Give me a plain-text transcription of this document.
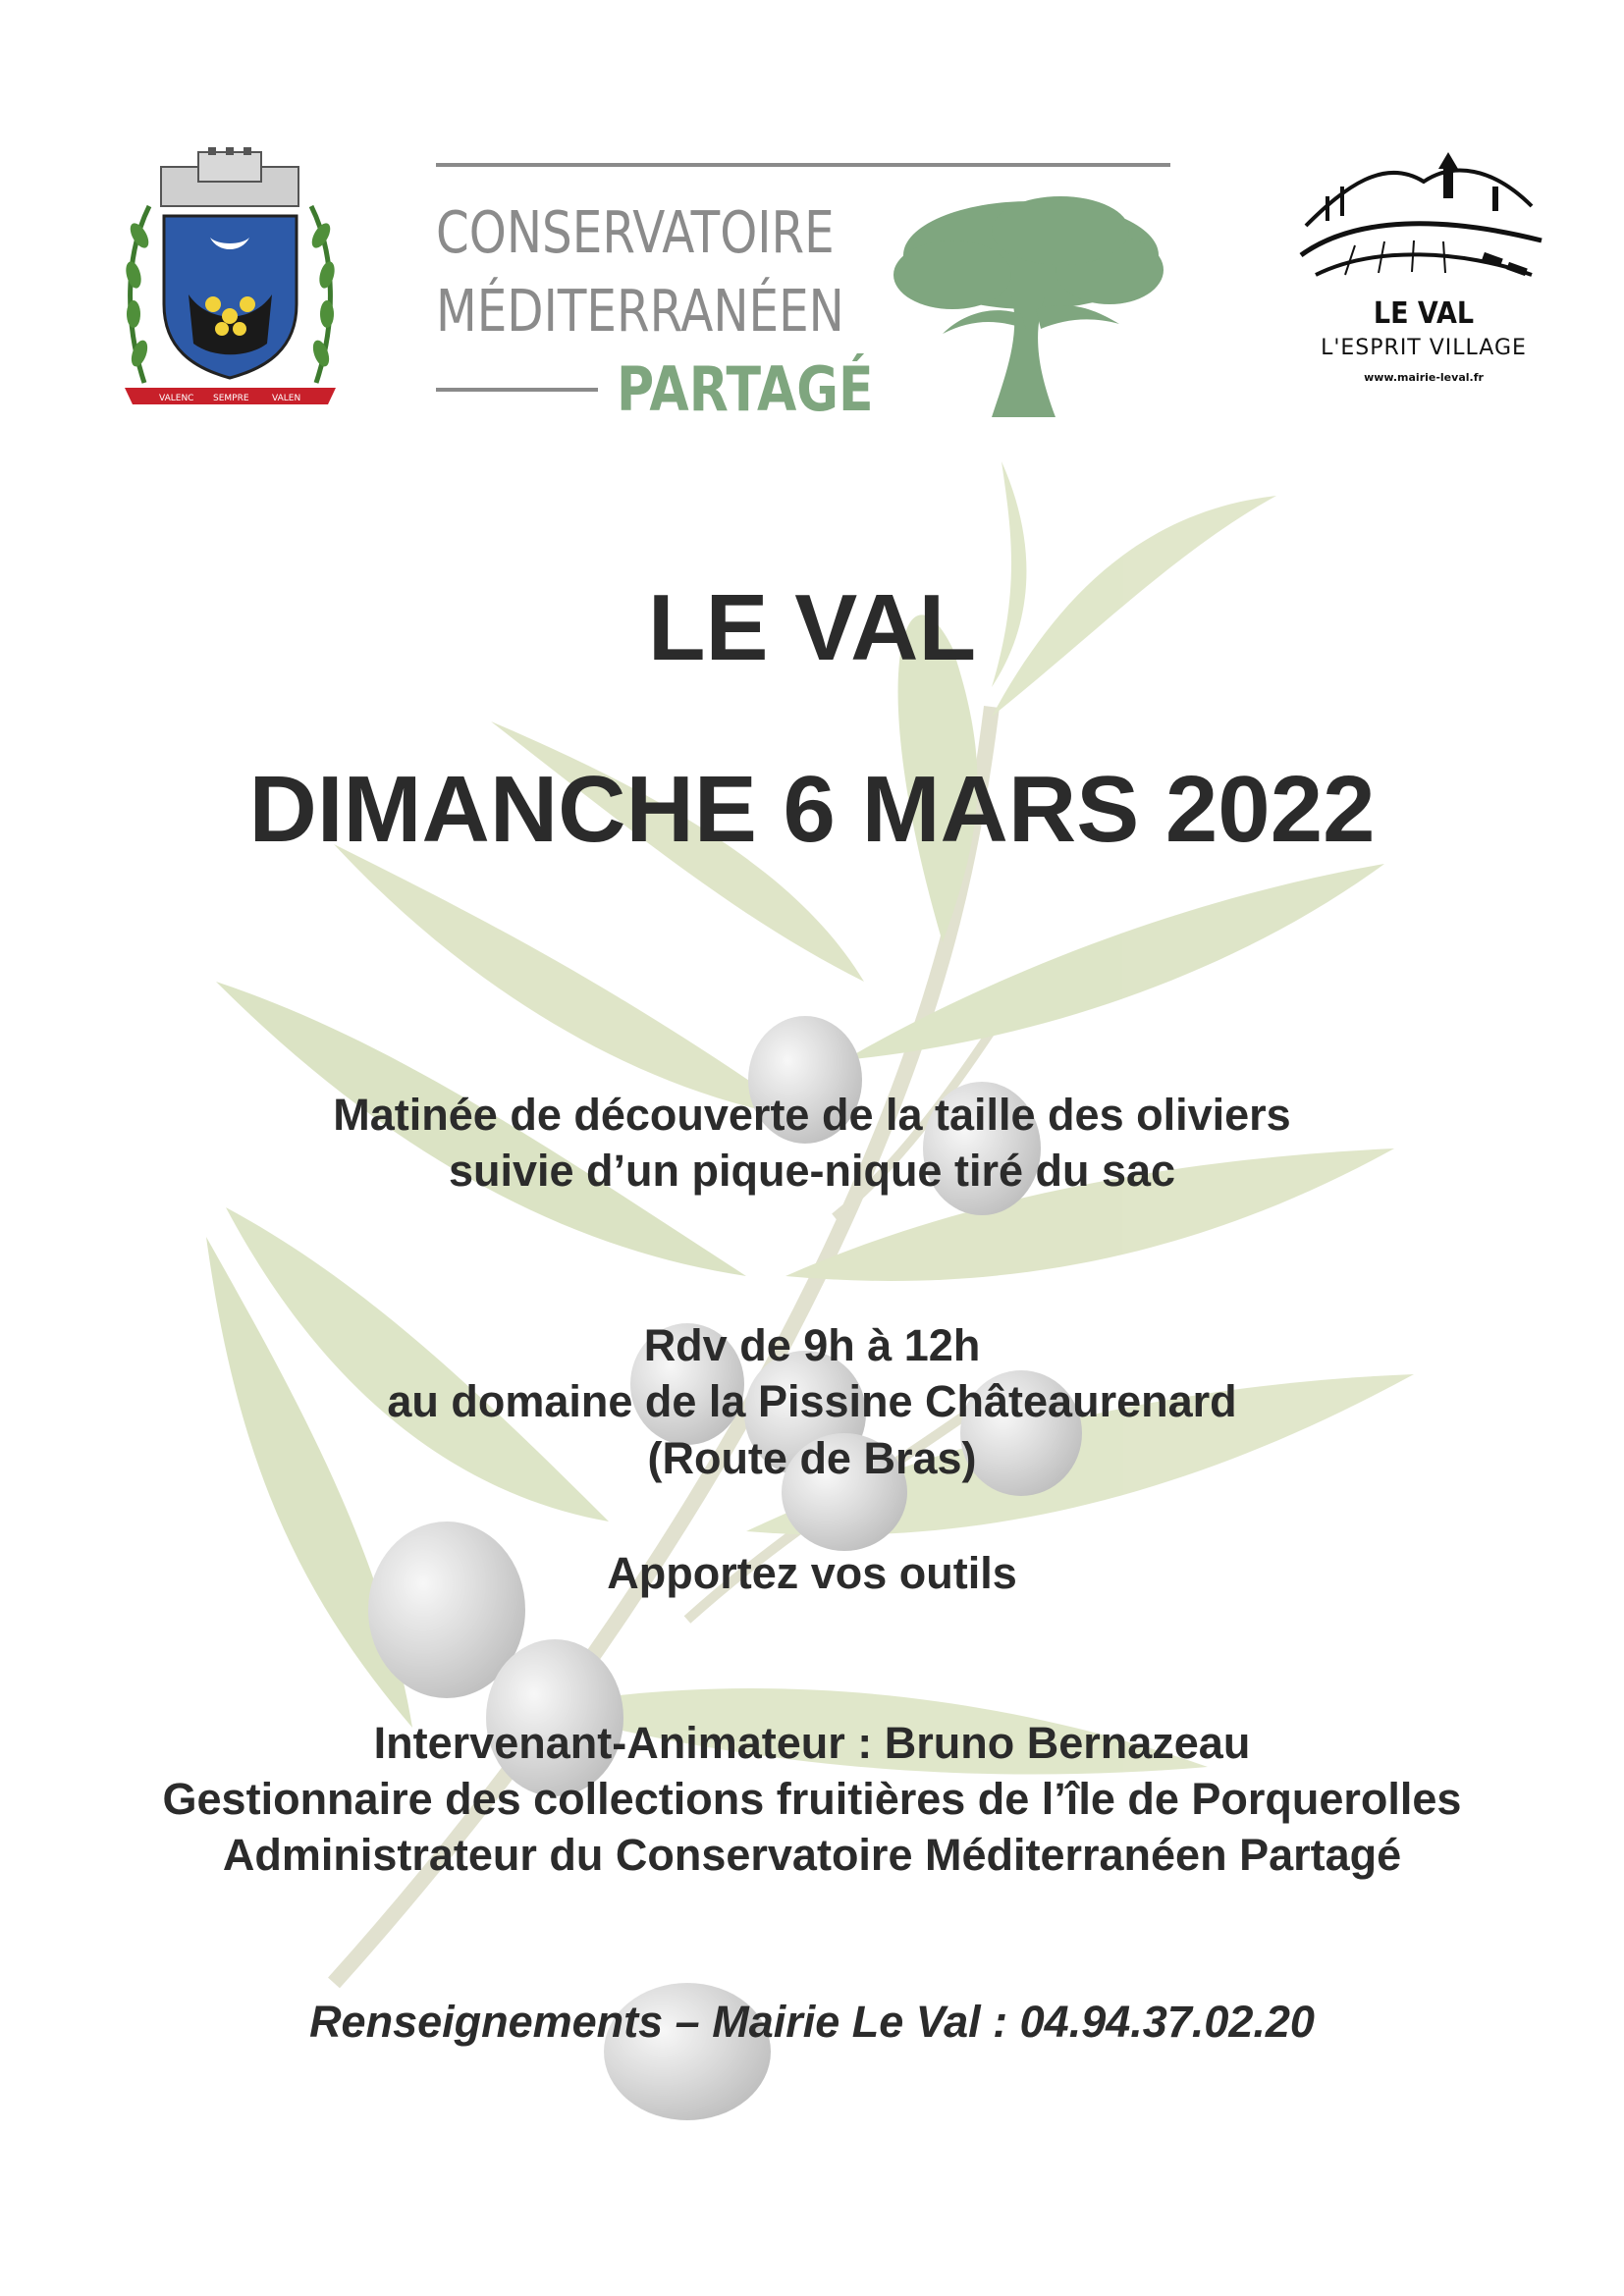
VALENC SEMPRE	VALEN
CONSERVATOIRE
MÉDITERRANÉEN
PARTAGÉ
LE VAL
L'ESPRIT VILLAGE
www.mairie-leval.fr
LE VAL
DIMANCHE 6 MARS 2022
Matinée de découverte de la taille des oliviers
suivie d’un pique-nique tiré du sac
Rdv de 9h à 12h
au domaine de la Pissine Châteaurenard
(Route de Bras)
Apportez vos outils
Intervenant-Animateur : Bruno Bernazeau
Gestionnaire des collections fruitières de l’île de Porquerolles
Administrateur du Conservatoire Méditerranéen Partagé
Renseignements – Mairie Le Val : 04.94.37.02.20
